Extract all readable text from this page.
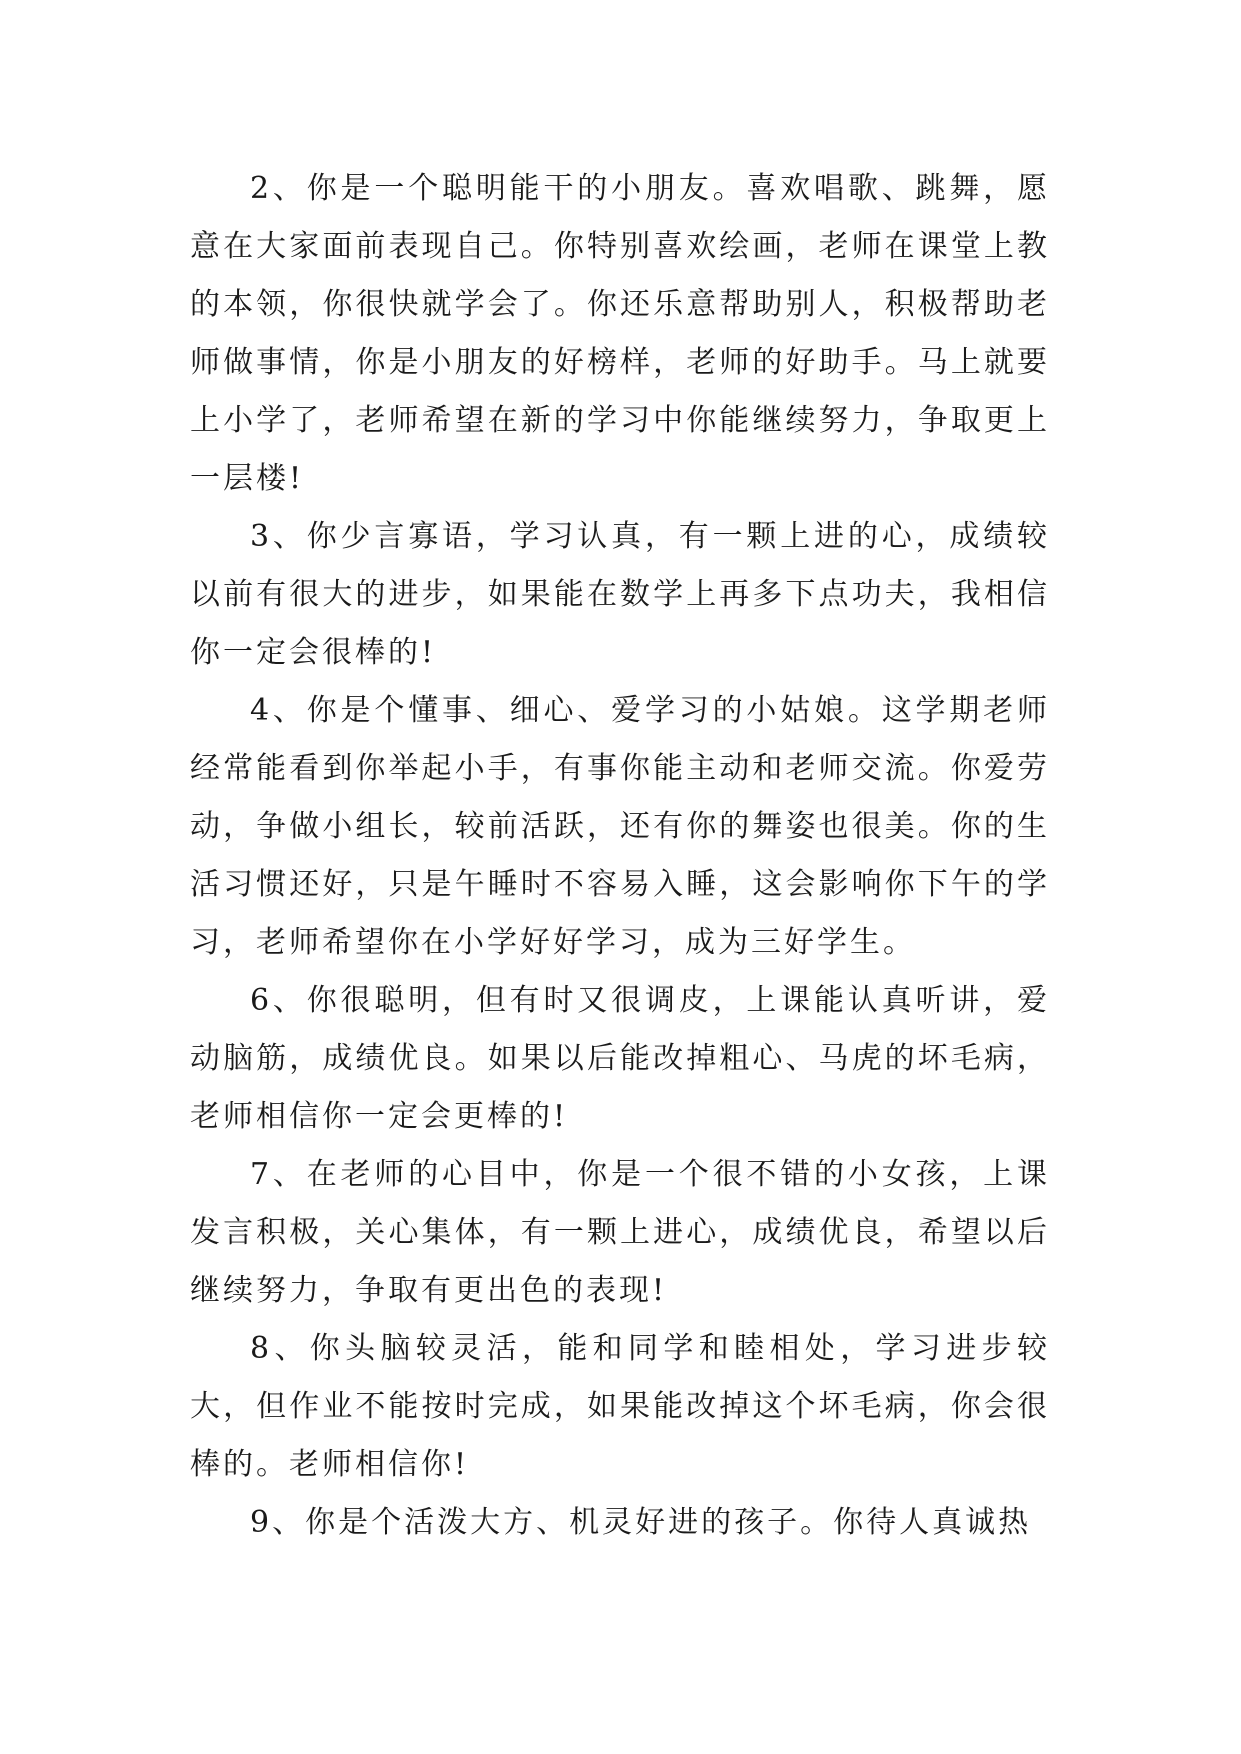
2、你是一个聪明能干的小朋友。喜欢唱歌、跳舞，愿意在大家面前表现自己。你特别喜欢绘画，老师在课堂上教的本领，你很快就学会了。你还乐意帮助别人，积极帮助老师做事情，你是小朋友的好榜样，老师的好助手。马上就要上小学了，老师希望在新的学习中你能继续努力，争取更上一层楼!

3、你少言寡语，学习认真，有一颗上进的心，成绩较以前有很大的进步，如果能在数学上再多下点功夫，我相信你一定会很棒的!

4、你是个懂事、细心、爱学习的小姑娘。这学期老师经常能看到你举起小手，有事你能主动和老师交流。你爱劳动，争做小组长，较前活跃，还有你的舞姿也很美。你的生活习惯还好，只是午睡时不容易入睡，这会影响你下午的学习，老师希望你在小学好好学习，成为三好学生。

6、你很聪明，但有时又很调皮，上课能认真听讲，爱动脑筋，成绩优良。如果以后能改掉粗心、马虎的坏毛病，老师相信你一定会更棒的!

7、在老师的心目中，你是一个很不错的小女孩，上课发言积极，关心集体，有一颗上进心，成绩优良，希望以后继续努力，争取有更出色的表现!

8、你头脑较灵活，能和同学和睦相处，学习进步较大，但作业不能按时完成，如果能改掉这个坏毛病，你会很棒的。老师相信你!

9、你是个活泼大方、机灵好进的孩子。你待人真诚热
